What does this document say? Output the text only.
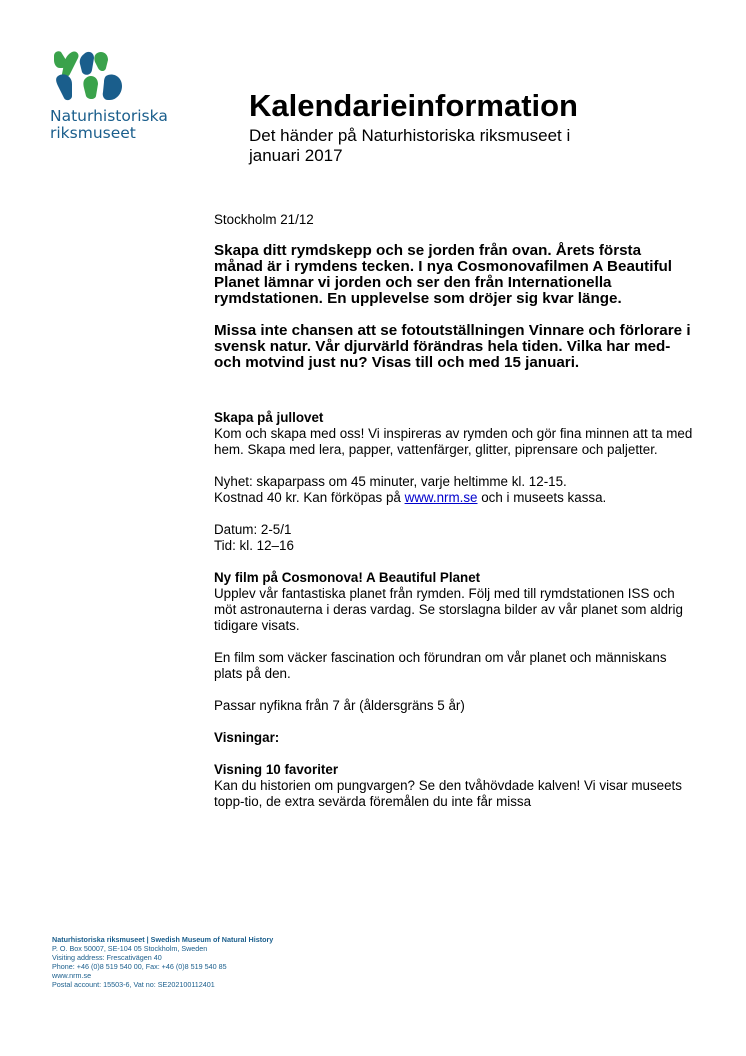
Naturhistoriska
riksmuseet
Kalendarieinformation
Det händer på Naturhistoriska riksmuseet i
januari 2017

Stockholm 21/12

Skapa ditt rymdskepp och se jorden från ovan. Årets första månad är i rymdens tecken. I nya Cosmonovafilmen A Beautiful Planet lämnar vi jorden och ser den från Internationella rymdstationen. En upplevelse som dröjer sig kvar länge.

Missa inte chansen att se fotoutställningen Vinnare och förlorare i svensk natur. Vår djurvärld förändras hela tiden. Vilka har med- och motvind just nu? Visas till och med 15 januari.

Skapa på jullovet

Kom och skapa med oss! Vi inspireras av rymden och gör fina minnen att ta med hem. Skapa med lera, papper, vattenfärger, glitter, piprensare och paljetter.

Nyhet: skaparpass om 45 minuter, varje heltimme kl. 12-15.

Kostnad 40 kr. Kan förköpas på www.nrm.se och i museets kassa.

Datum: 2-5/1

Tid: kl. 12–16

Ny film på Cosmonova! A Beautiful Planet

Upplev vår fantastiska planet från rymden. Följ med till rymdstationen ISS och möt astronauterna i deras vardag. Se storslagna bilder av vår planet som aldrig tidigare visats.

En film som väcker fascination och förundran om vår planet och människans plats på den.

Passar nyfikna från 7 år (åldersgräns 5 år)

Visningar:

Visning 10 favoriter

Kan du historien om pungvargen? Se den tvåhövdade kalven! Vi visar museets topp-tio, de extra sevärda föremålen du inte får missa

Naturhistoriska riksmuseet | Swedish Museum of Natural History
P. O. Box 50007, SE-104 05 Stockholm, Sweden
Visiting address: Frescativägen 40
Phone: +46 (0)8 519 540 00, Fax: +46 (0)8 519 540 85
www.nrm.se
Postal account: 15503-6, Vat no: SE202100112401
